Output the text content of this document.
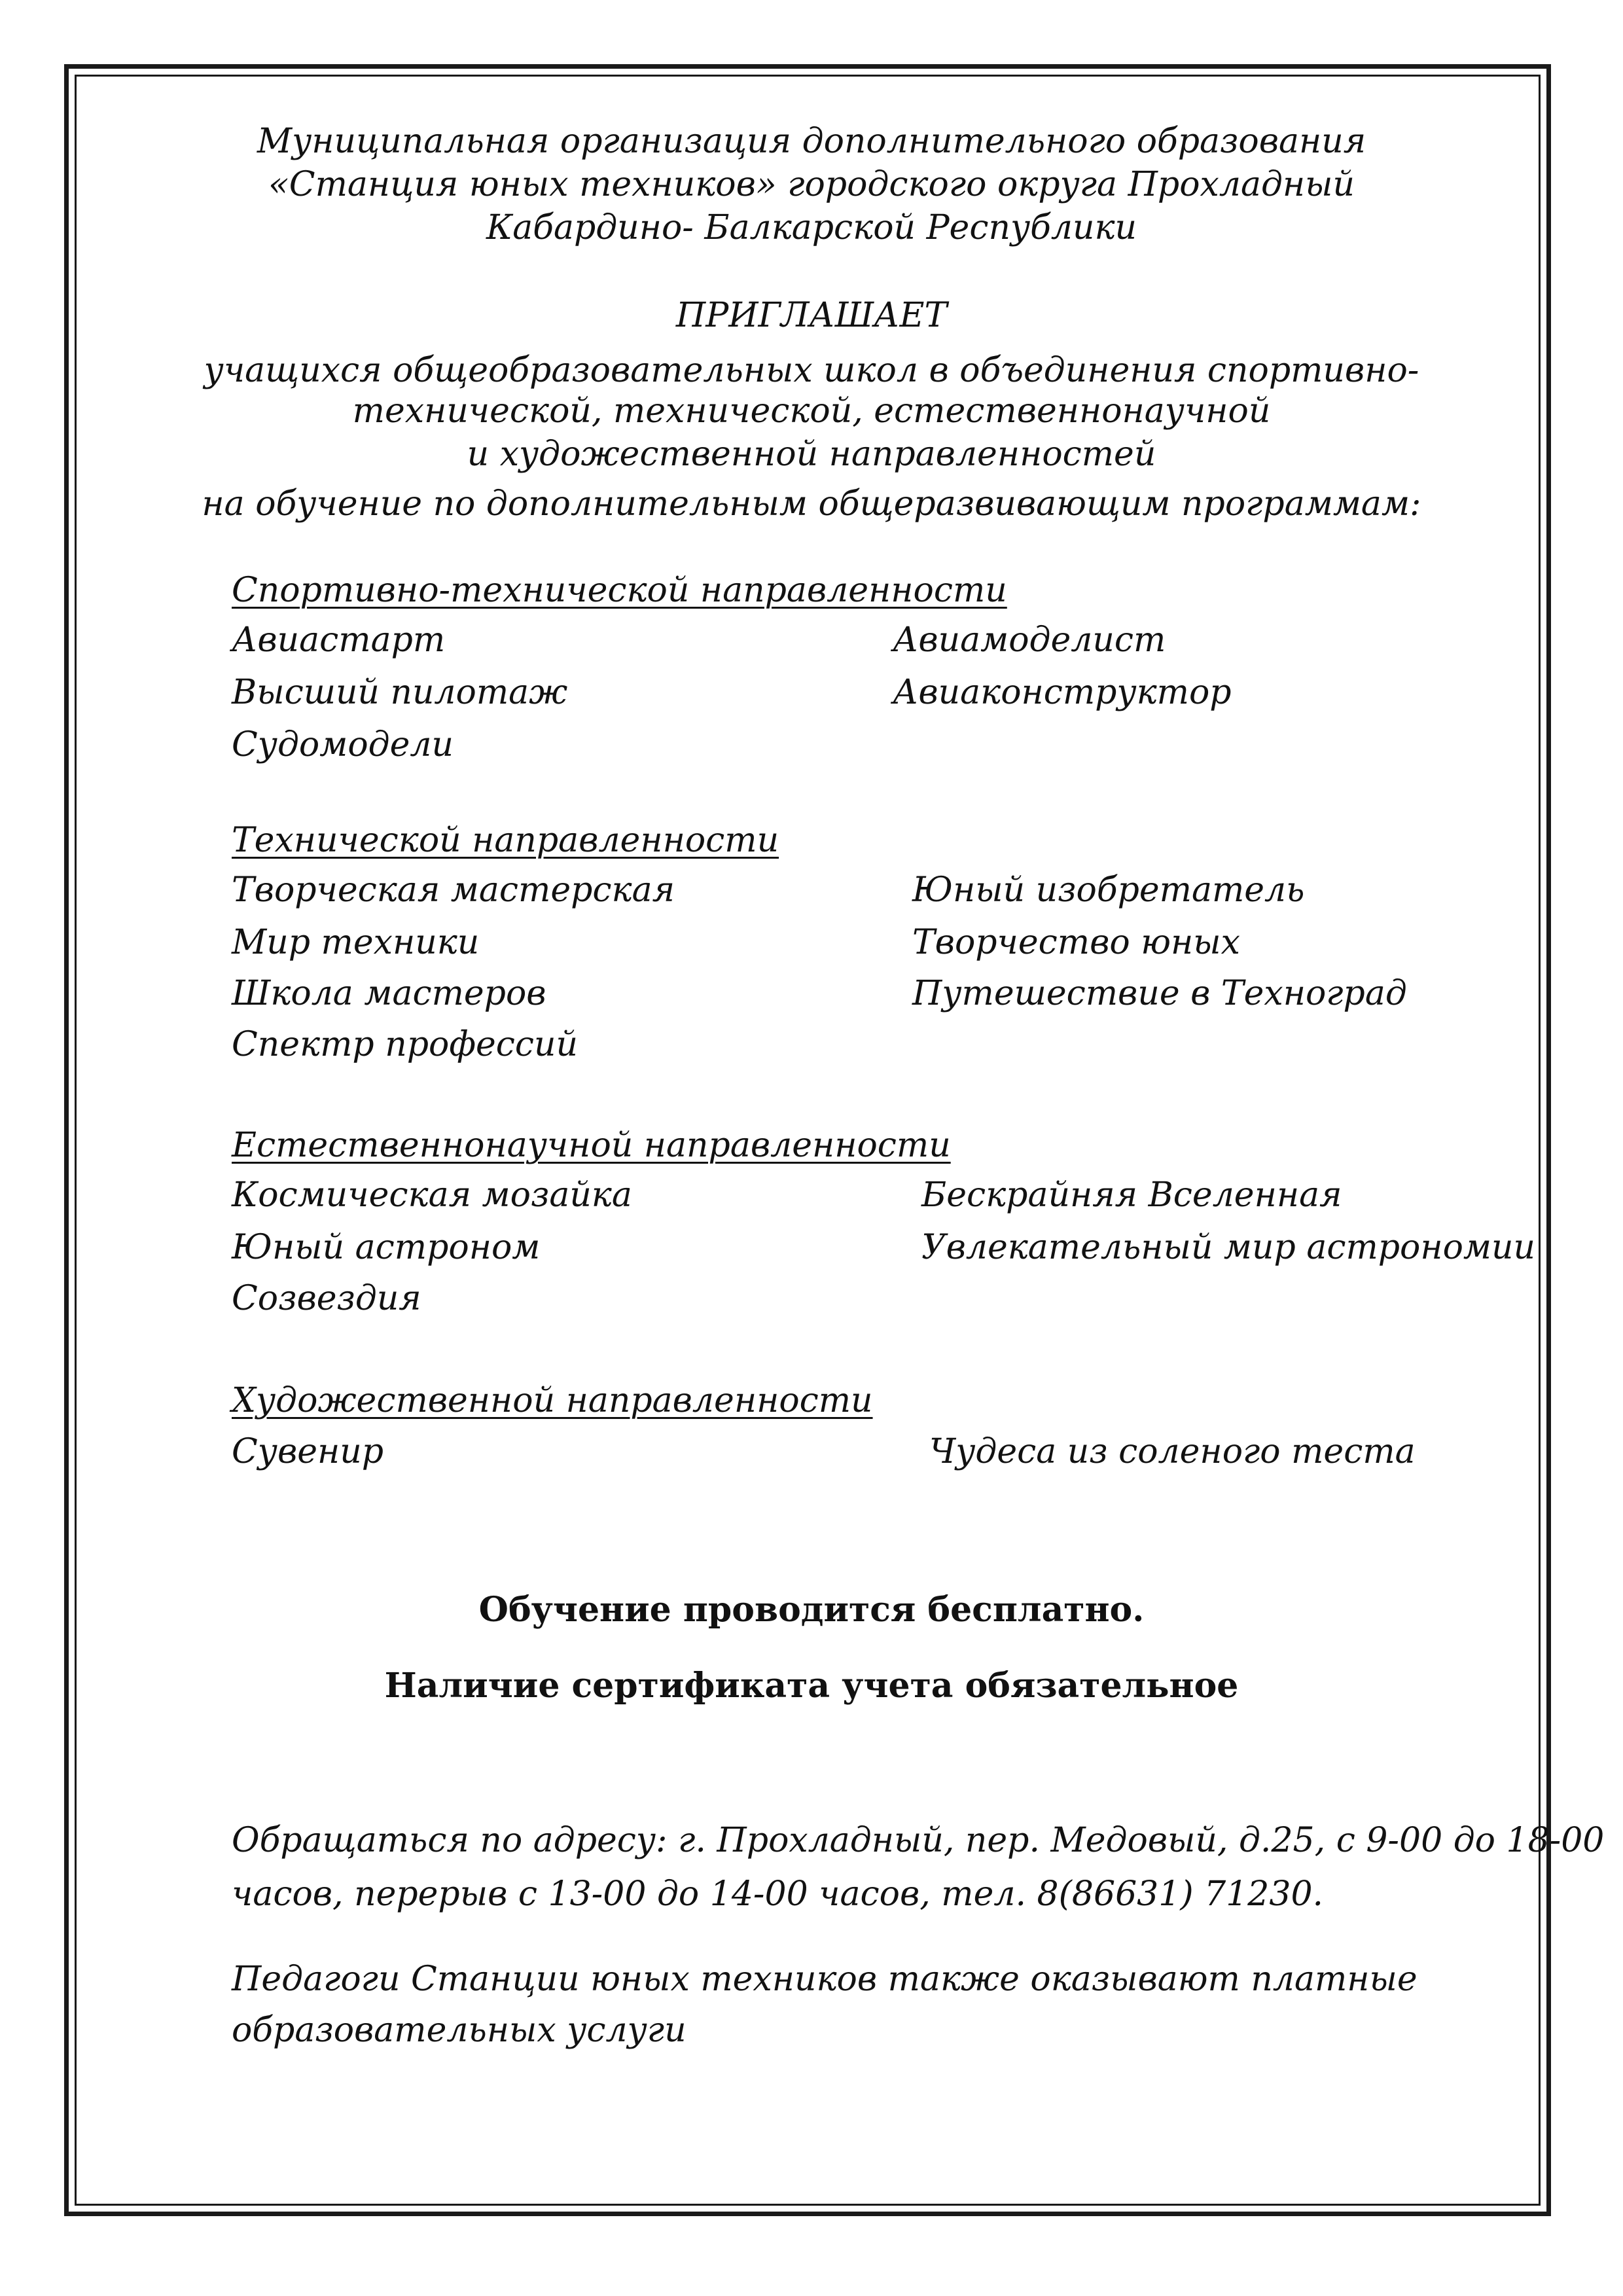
Муниципальная организация дополнительного образования
«Станция юных техников» городского округа Прохладный
Кабардино- Балкарской Республики
ПРИГЛАШАЕТ
учащихся общеобразовательных школ в объединения спортивно-
технической, технической, естественнонаучной
и художественной направленностей
на обучение по дополнительным общеразвивающим программам:
Спортивно-технической направленности
Авиастарт
Высший пилотаж
Судомодели
Авиамоделист
Авиаконструктор
Технической направленности
Творческая мастерская
Мир техники
Школа мастеров
Спектр профессий
Юный изобретатель
Творчество юных
Путешествие в Техноград
Естественнонаучной направленности
Космическая мозайка
Юный астроном
Созвездия
Бескрайняя Вселенная
Увлекательный мир астрономии
Художественной направленности
Сувенир	Чудеса из соленого теста
Обучение проводится бесплатно.
Наличие сертификата учета обязательное
Обращаться по адресу: г. Прохладный, пер. Медовый, д.25, с 9-00 до 18-00
часов, перерыв с 13-00 до 14-00 часов, тел. 8(86631) 71230.
Педагоги Станции юных техников также оказывают платные
образовательных услуги
